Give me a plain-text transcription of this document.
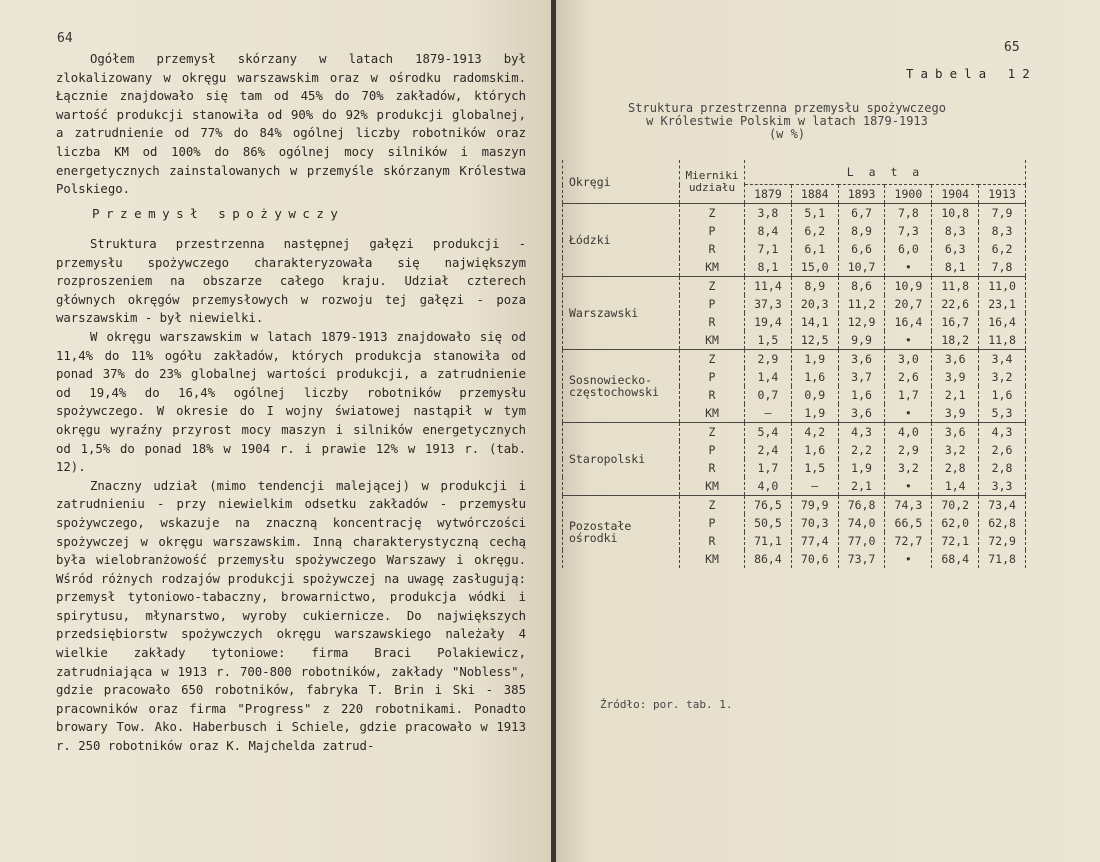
64

Ogółem przemysł skórzany w latach 1879-1913 był zlokalizowany w okręgu warszawskim oraz w ośrodku radomskim. Łącznie znajdowało się tam od 45% do 70% zakładów, których wartość produkcji stanowiła od 90% do 92% produkcji globalnej, a zatrudnienie od 77% do 84% ogólnej liczby robotników oraz liczba KM od 100% do 86% ogólnej mocy silników i maszyn energetycznych zainstalowanych w przemyśle skórzanym Królestwa Polskiego.

Przemysł spożywczy

Struktura przestrzenna następnej gałęzi produkcji - przemysłu spożywczego charakteryzowała się największym rozproszeniem na obszarze całego kraju. Udział czterech głównych okręgów przemysłowych w rozwoju tej gałęzi - poza warszawskim - był niewielki.

W okręgu warszawskim w latach 1879-1913 znajdowało się od 11,4% do 11% ogółu zakładów, których produkcja stanowiła od ponad 37% do 23% globalnej wartości produkcji, a zatrudnienie od 19,4% do 16,4% ogólnej liczby robotników przemysłu spożywczego. W okresie do I wojny światowej nastąpił w tym okręgu wyraźny przyrost mocy maszyn i silników energetycznych od 1,5% do ponad 18% w 1904 r. i prawie 12% w 1913 r. (tab. 12).

Znaczny udział (mimo tendencji malejącej) w produkcji i zatrudnieniu - przy niewielkim odsetku zakładów - przemysłu spożywczego, wskazuje na znaczną koncentrację wytwórczości spożywczej w okręgu warszawskim. Inną charakterystyczną cechą była wielobranżowość przemysłu spożywczego Warszawy i okręgu. Wśród różnych rodzajów produkcji spożywczej na uwagę zasługują: przemysł tytoniowo-tabaczny, browarnictwo, produkcja wódki i spirytusu, młynarstwo, wyroby cukiernicze. Do największych przedsiębiorstw spożywczych okręgu warszawskiego należały 4 wielkie zakłady tytoniowe: firma Braci Polakiewicz, zatrudniająca w 1913 r. 700-800 robotników, zakłady "Nobless", gdzie pracowało 650 robotników, fabryka T. Brin i Ski - 385 pracowników oraz firma "Progress" z 220 robotnikami. Ponadto browary Tow. Ako. Haberbusch i Schiele, gdzie pracowało w 1913 r. 250 robotników oraz K. Majchelda zatrud-

65
Tabela 12
Struktura przestrzenna przemysłu spożywczego
w Królestwie Polskim w latach 1879-1913
(w %)
Okręgi	Mierniki udziału	L a t a					
		1879	1884	1893	1900	1904	1913
Łódzki	Z	3,8	5,1	6,7	7,8	10,8	7,9
	P	8,4	6,2	8,9	7,3	8,3	8,3
	R	7,1	6,1	6,6	6,0	6,3	6,2
	KM	8,1	15,0	10,7	•	8,1	7,8
Warszawski	Z	11,4	8,9	8,6	10,9	11,8	11,0
	P	37,3	20,3	11,2	20,7	22,6	23,1
	R	19,4	14,1	12,9	16,4	16,7	16,4
	KM	1,5	12,5	9,9	•	18,2	11,8
Sosnowiecko-częstochowski	Z	2,9	1,9	3,6	3,0	3,6	3,4
	P	1,4	1,6	3,7	2,6	3,9	3,2
	R	0,7	0,9	1,6	1,7	2,1	1,6
	KM	–	1,9	3,6	•	3,9	5,3
Staropolski	Z	5,4	4,2	4,3	4,0	3,6	4,3
	P	2,4	1,6	2,2	2,9	3,2	2,6
	R	1,7	1,5	1,9	3,2	2,8	2,8
	KM	4,0	–	2,1	•	1,4	3,3
Pozostałe ośrodki	Z	76,5	79,9	76,8	74,3	70,2	73,4
	P	50,5	70,3	74,0	66,5	62,0	62,8
	R	71,1	77,4	77,0	72,7	72,1	72,9
	KM	86,4	70,6	73,7	•	68,4	71,8
Źródło: por. tab. 1.
